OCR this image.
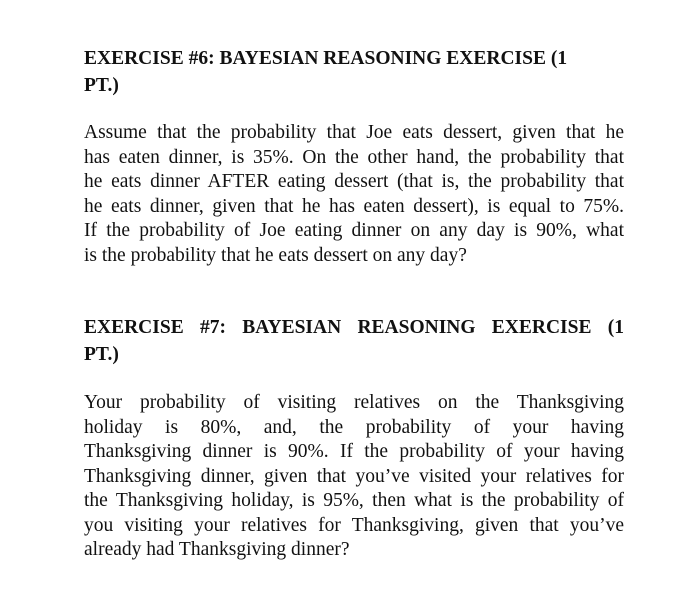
EXERCISE #6: BAYESIAN REASONING EXERCISE (1
PT.)

Assume that the probability that Joe eats dessert, given that he
has eaten dinner, is 35%. On the other hand, the probability that
he eats dinner AFTER eating dessert (that is, the probability that
he eats dinner, given that he has eaten dessert), is equal to 75%.
If the probability of Joe eating dinner on any day is 90%, what
is the probability that he eats dessert on any day?

EXERCISE #7: BAYESIAN REASONING EXERCISE (1
PT.)

Your probability of visiting relatives on the Thanksgiving
holiday is 80%, and, the probability of your having
Thanksgiving dinner is 90%. If the probability of your having
Thanksgiving dinner, given that you’ve visited your relatives for
the Thanksgiving holiday, is 95%, then what is the probability of
you visiting your relatives for Thanksgiving, given that you’ve
already had Thanksgiving dinner?
